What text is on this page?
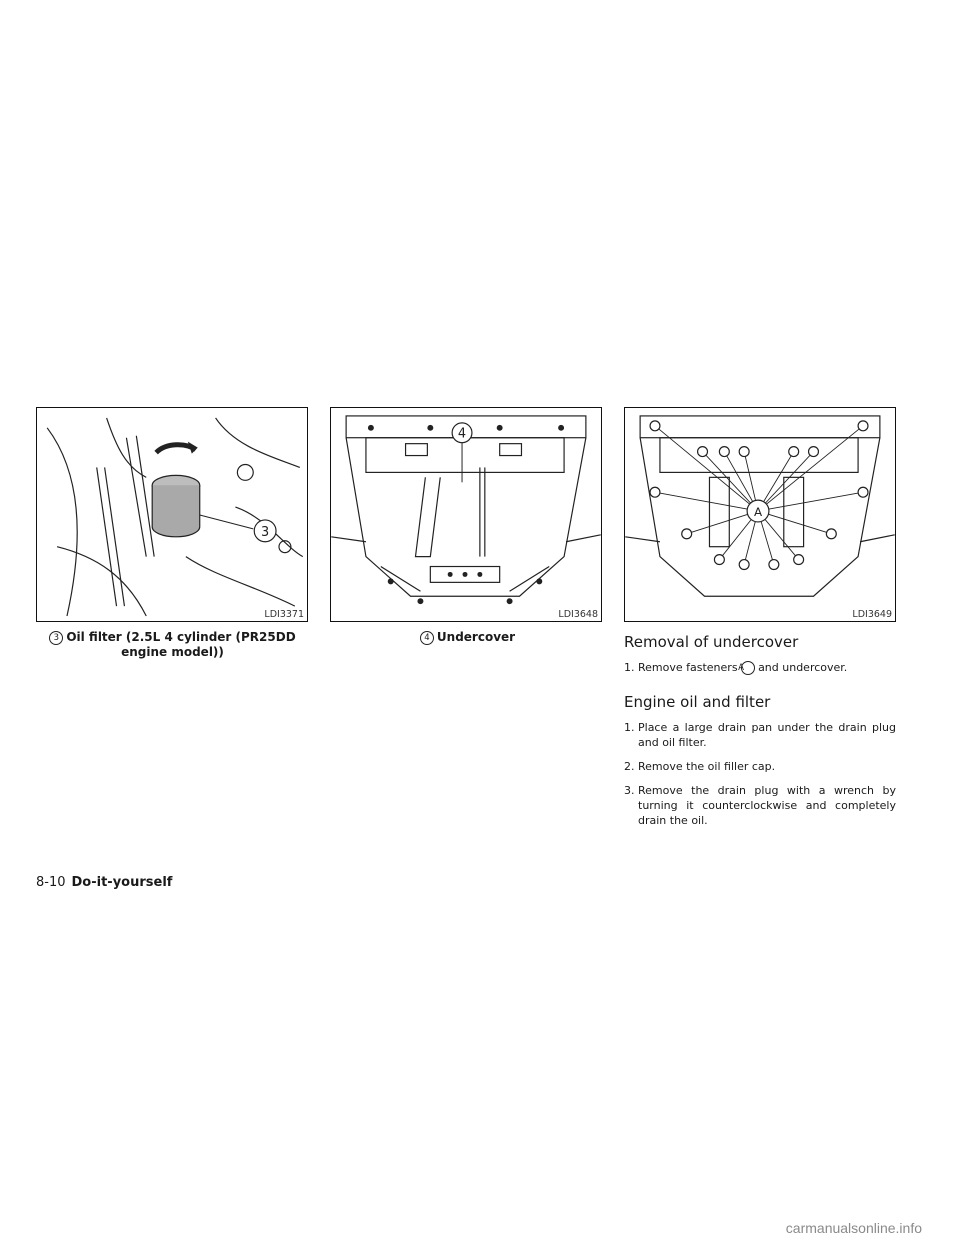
3
LDI3371
4
LDI3648
A
LDI3649
3 Oil filter (2.5L 4 cylinder (PR25DD engine model))
4 Undercover	Removal of undercover

1. Remove fasteners A and undercover.

Engine oil and filter

1. Place a large drain pan under the drain plug and oil filter.

2. Remove the oil filler cap.

3. Remove the drain plug with a wrench by turning it counterclockwise and completely drain the oil.

8-10 Do-it-yourself
carmanualsonline.info
